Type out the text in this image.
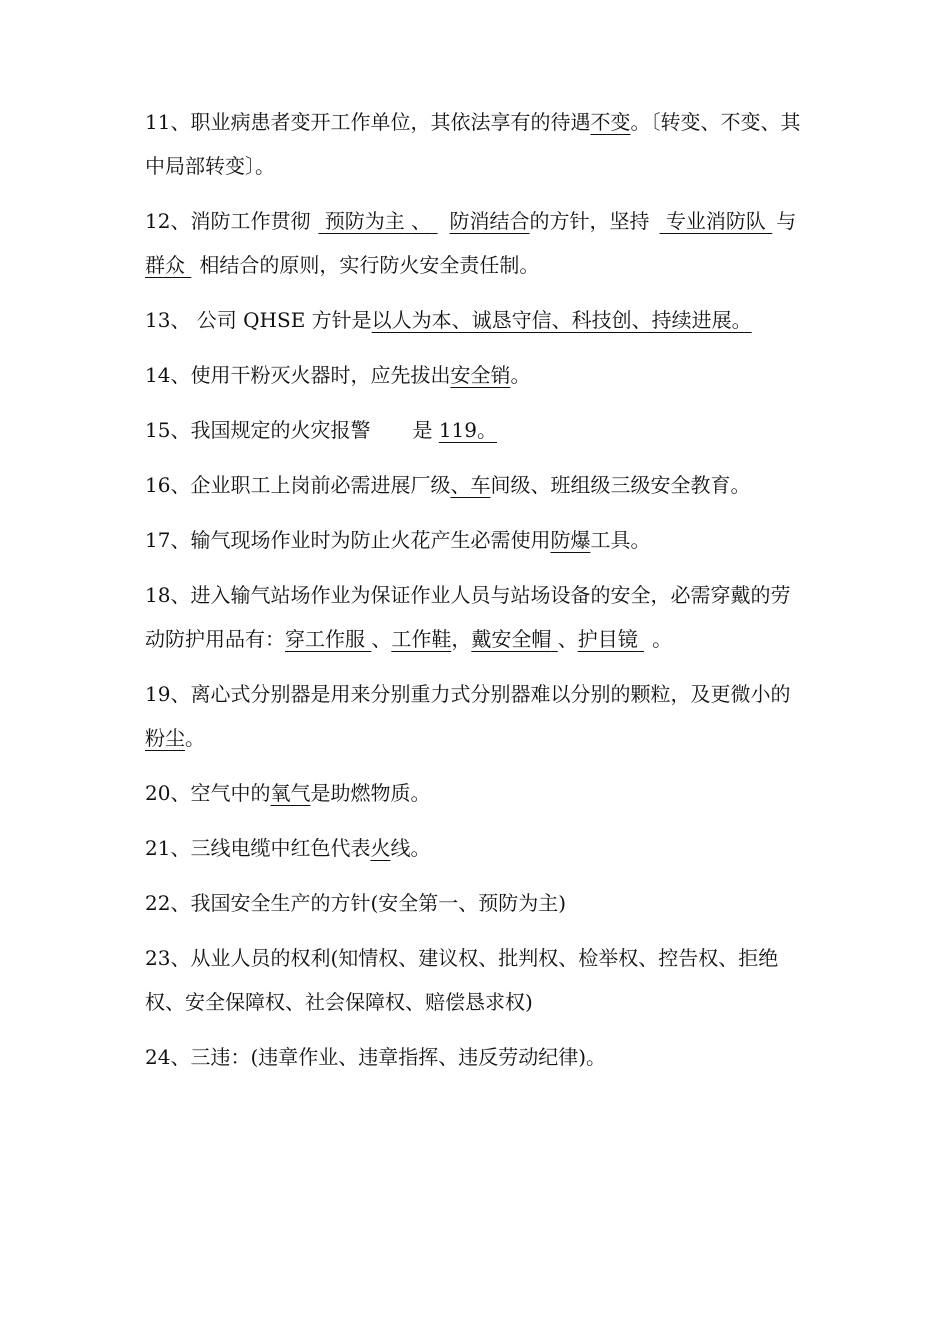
11、职业病患者变开工作单位，其依法享有的待遇不变。〔转变、不变、其中局部转变〕。

12、消防工作贯彻 预防为主 、 防消结合的方针，坚持 专业消防队 与群众 相结合的原则，实行防火安全责任制。

13、 公司 QHSE 方针是以人为本、诚恳守信、科技创、持续进展。

14、使用干粉灭火器时，应先拔出安全销。

15、我国规定的火灾报警 是 119。

16、企业职工上岗前必需进展厂级、车间级、班组级三级安全教育。

17、输气现场作业时为防止火花产生必需使用防爆工具。

18、进入输气站场作业为保证作业人员与站场设备的安全，必需穿戴的劳动防护用品有：穿工作服 、工作鞋，戴安全帽 、护目镜 。

19、离心式分别器是用来分别重力式分别器难以分别的颗粒，及更微小的粉尘。

20、空气中的氧气是助燃物质。

21、三线电缆中红色代表火线。

22、我国安全生产的方针(安全第一、预防为主)

23、从业人员的权利(知情权、建议权、批判权、检举权、控告权、拒绝权、安全保障权、社会保障权、赔偿恳求权)

24、三违：(违章作业、违章指挥、违反劳动纪律)。
